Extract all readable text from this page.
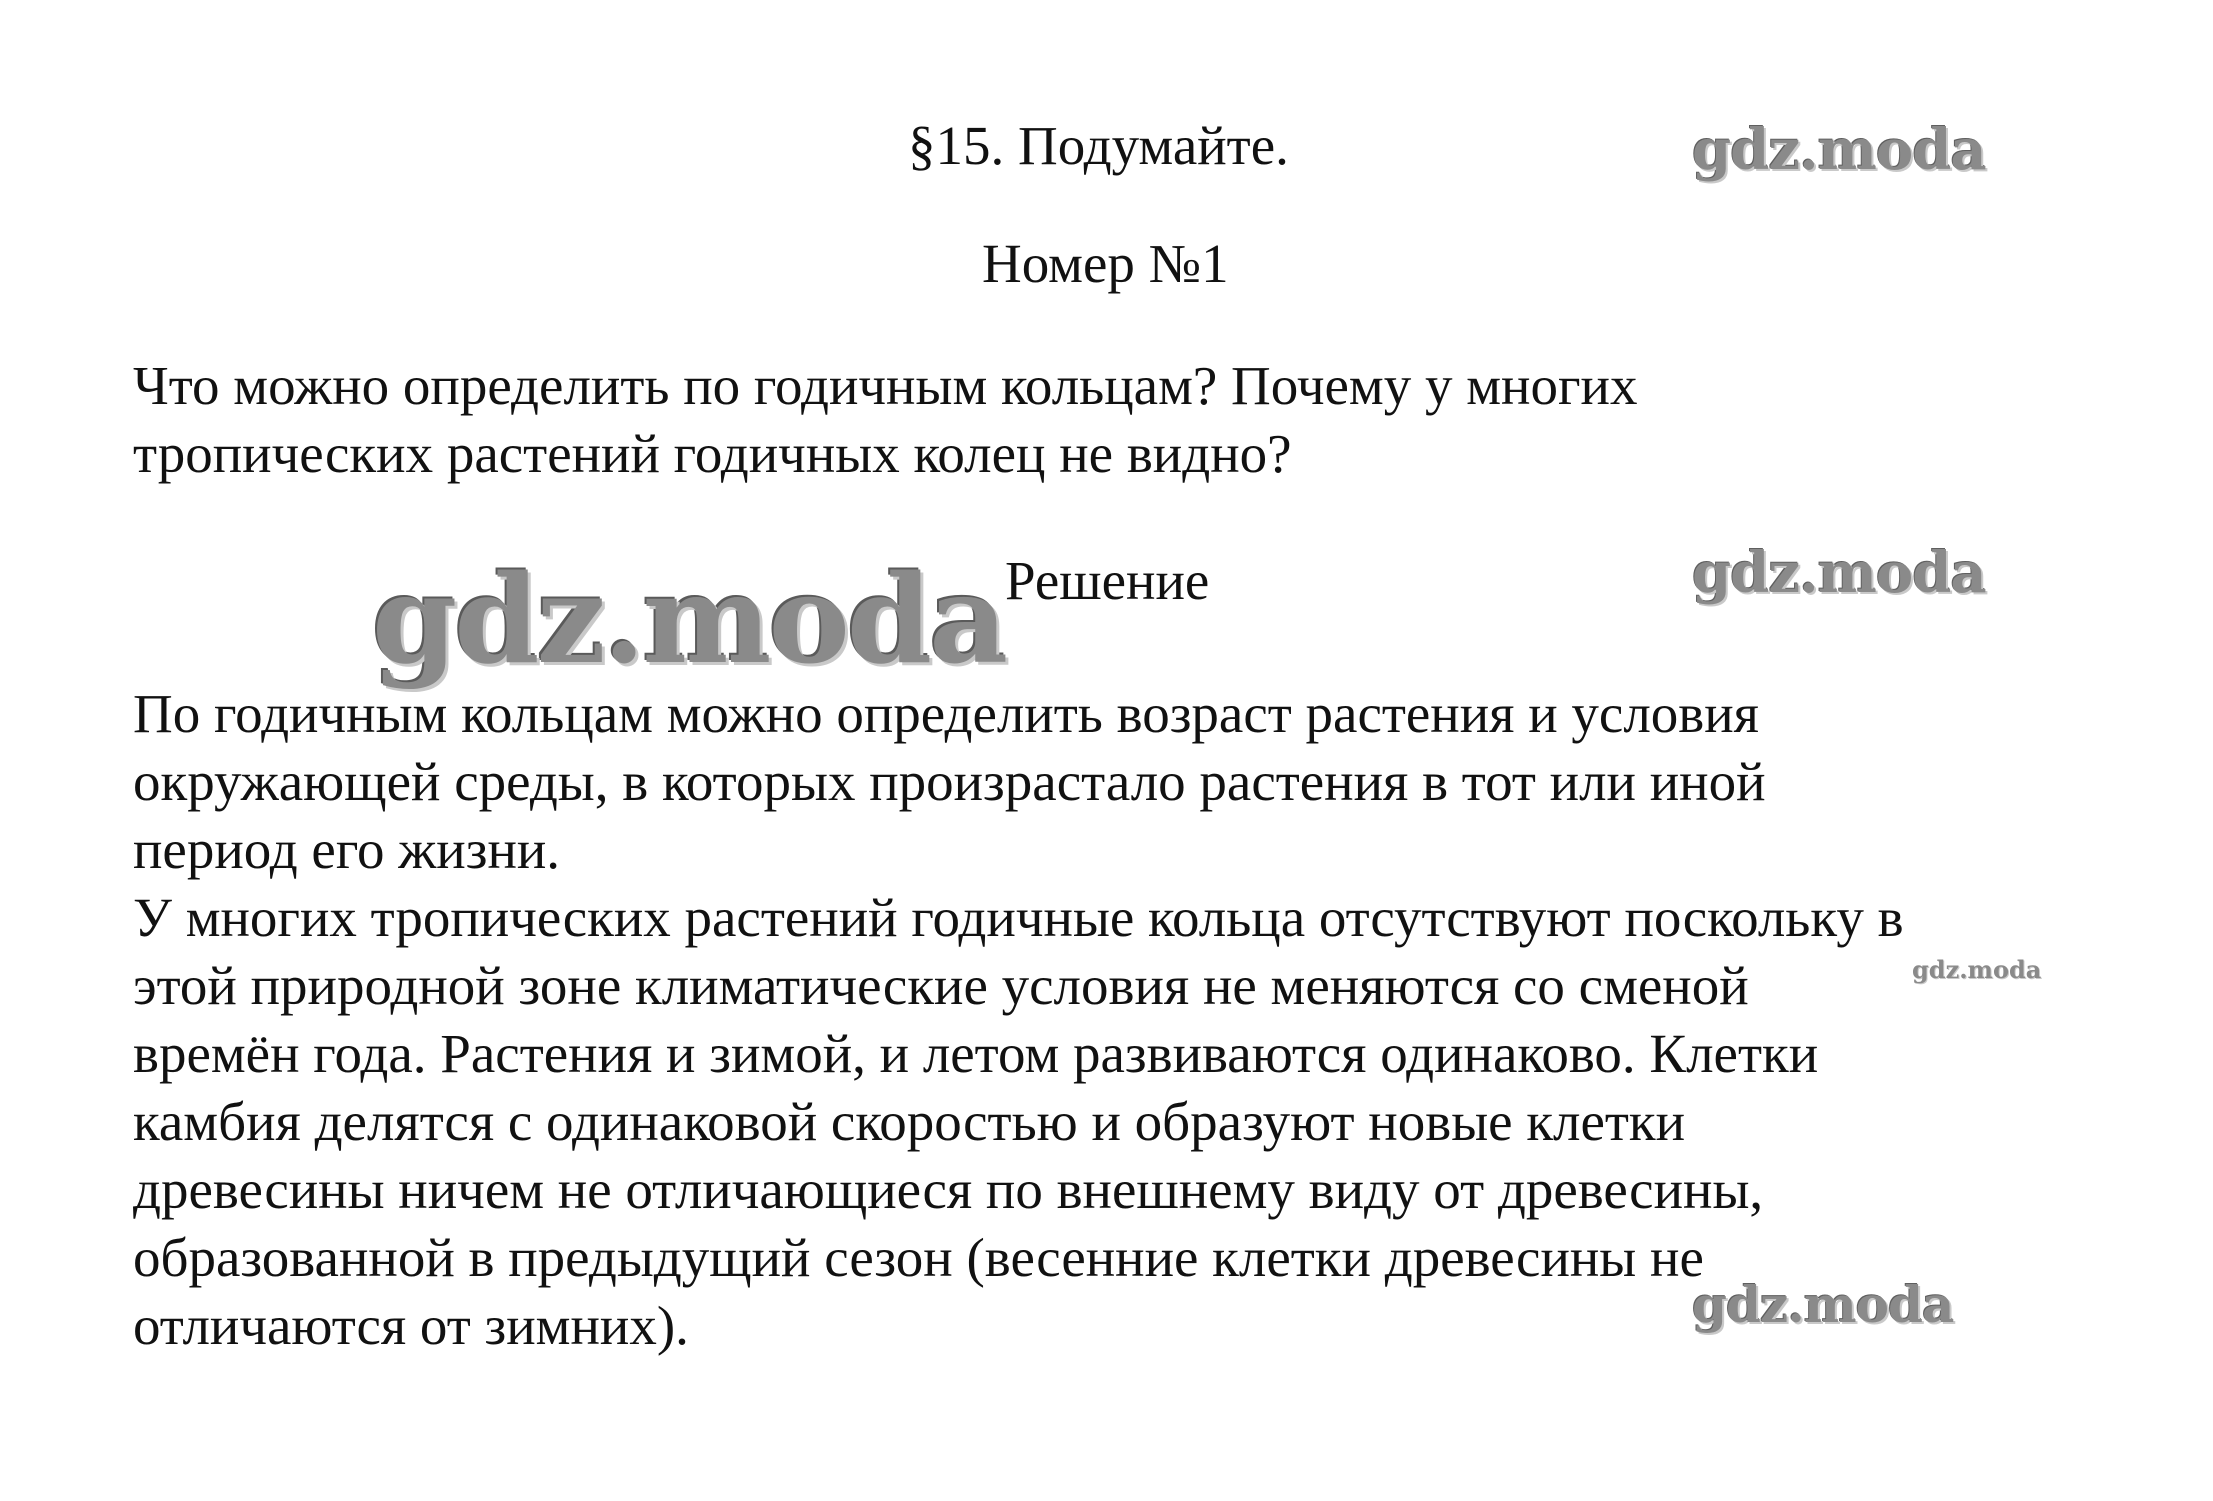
§15. Подумайте.
Номер №1
Что можно определить по годичным кольцам? Почему у многих
тропических растений годичных колец не видно?
Решение
По годичным кольцам можно определить возраст растения и условия
окружающей среды, в которых произрастало растения в тот или иной
период его жизни.
У многих тропических растений годичные кольца отсутствуют поскольку в
этой природной зоне климатические условия не меняются со сменой
времён года. Растения и зимой, и летом развиваются одинаково. Клетки
камбия делятся с одинаковой скоростью и образуют новые клетки
древесины ничем не отличающиеся по внешнему виду от древесины,
образованной в предыдущий сезон (весенние клетки древесины не
отличаются от зимних).
gdz.moda
gdz.moda
gdz.moda
gdz.moda
gdz.moda
